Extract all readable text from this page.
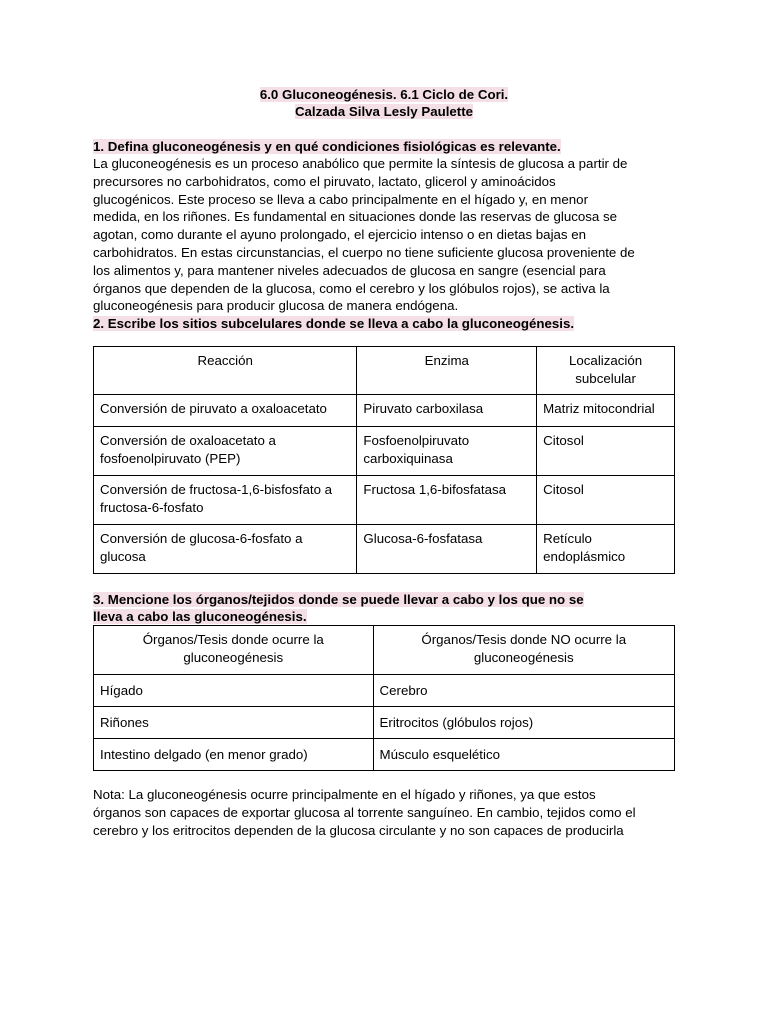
6.0 Gluconeogénesis. 6.1 Ciclo de Cori.
Calzada Silva Lesly Paulette
1. Defina gluconeogénesis y en qué condiciones fisiológicas es relevante.

La gluconeogénesis es un proceso anabólico que permite la síntesis de glucosa a partir de

precursores no carbohidratos, como el piruvato, lactato, glicerol y aminoácidos

glucogénicos. Este proceso se lleva a cabo principalmente en el hígado y, en menor

medida, en los riñones. Es fundamental en situaciones donde las reservas de glucosa se

agotan, como durante el ayuno prolongado, el ejercicio intenso o en dietas bajas en

carbohidratos. En estas circunstancias, el cuerpo no tiene suficiente glucosa proveniente de

los alimentos y, para mantener niveles adecuados de glucosa en sangre (esencial para

órganos que dependen de la glucosa, como el cerebro y los glóbulos rojos), se activa la

gluconeogénesis para producir glucosa de manera endógena.

2. Escribe los sitios subcelulares donde se lleva a cabo la gluconeogénesis.
Reacción	Enzima	Localización subcelular
Conversión de piruvato a oxaloacetato	Piruvato carboxilasa	Matriz mitocondrial
Conversión de oxaloacetato a fosfoenolpiruvato (PEP)	Fosfoenolpiruvato carboxiquinasa	Citosol
Conversión de fructosa-1,6-bisfosfato a fructosa-6-fosfato	Fructosa 1,6-bifosfatasa	Citosol
Conversión de glucosa-6-fosfato a glucosa	Glucosa-6-fosfatasa	Retículo endoplásmico
3. Mencione los órganos/tejidos donde se puede llevar a cabo y los que no se
lleva a cabo las gluconeogénesis.
Órganos/Tesis donde ocurre la gluconeogénesis	Órganos/Tesis donde NO ocurre la gluconeogénesis
Hígado	Cerebro
Riñones	Eritrocitos (glóbulos rojos)
Intestino delgado (en menor grado)	Músculo esquelético

Nota: La gluconeogénesis ocurre principalmente en el hígado y riñones, ya que estos

órganos son capaces de exportar glucosa al torrente sanguíneo. En cambio, tejidos como el

cerebro y los eritrocitos dependen de la glucosa circulante y no son capaces de producirla
